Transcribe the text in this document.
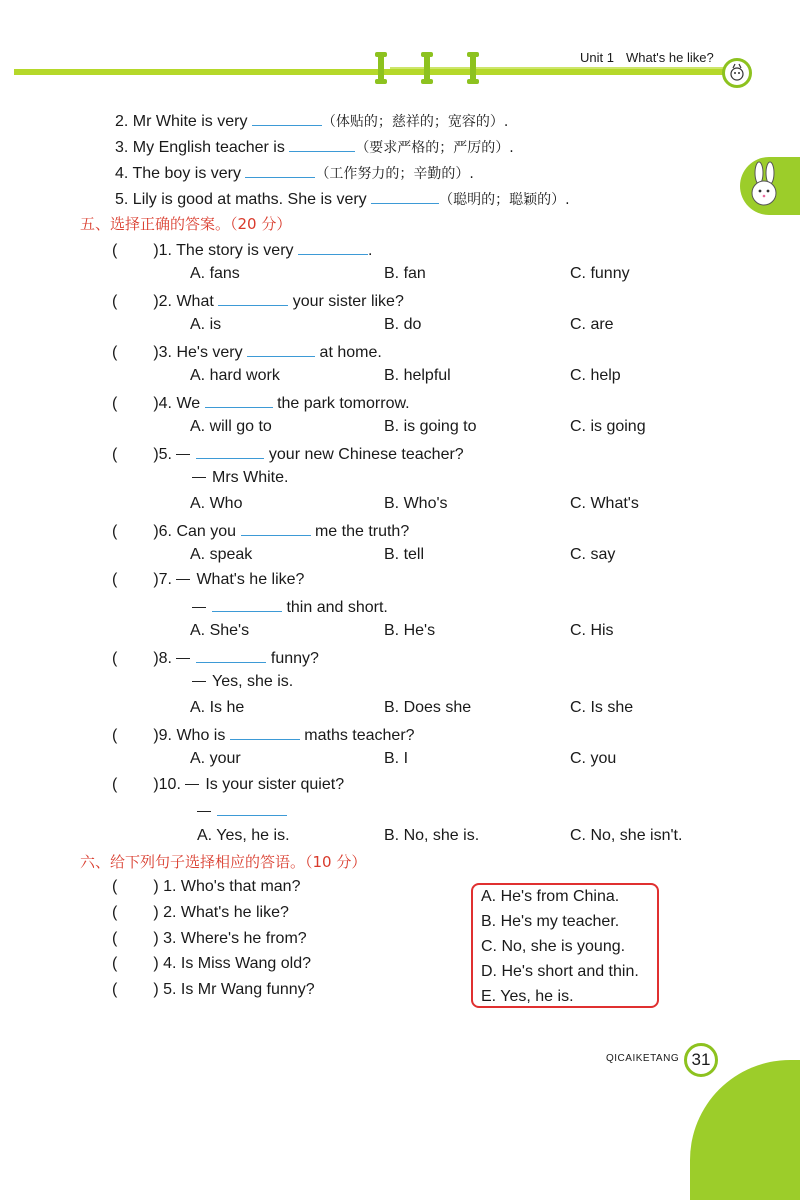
Unit 1 What's he like?
2. Mr White is very	（体贴的；慈祥的；宽容的）.
3. My English teacher is	（要求严格的；严厉的）.
4. The boy is very	（工作努力的；辛勤的）.
5. Lily is good at maths. She is very	（聪明的；聪颖的）.
五、选择正确的答案。（20 分）
( )1. The story is very	.
A. fans	B. fan	C. funny
( )2. What	your sister like?
A. is	B. do	C. are
( )3. He's very	at home.
A. hard work	B. helpful	C. help
( )4. We	the park tomorrow.
A. will go to	B. is going to	C. is going
( )5.	your new Chinese teacher?
Mrs White.
A. Who	B. Who's	C. What's
( )6. Can you	me the truth?
A. speak	B. tell	C. say
( )7. What's he like?
thin and short.
A. She's	B. He's	C. His
( )8.	funny?
Yes, she is.
A. Is he	B. Does she	C. Is she
( )9. Who is	maths teacher?
A. your	B. I	C. you
( )10. Is your sister quiet?
A. Yes, he is.	B. No, she is.	C. No, she isn't.
六、给下列句子选择相应的答语。（10 分）
( ) 1. Who's that man?
( ) 2. What's he like?
( ) 3. Where's he from?
( ) 4. Is Miss Wang old?
( ) 5. Is Mr Wang funny?
A. He's from China.
B. He's my teacher.
C. No, she is young.
D. He's short and thin.
E. Yes, he is.
QICAIKETANG 31
